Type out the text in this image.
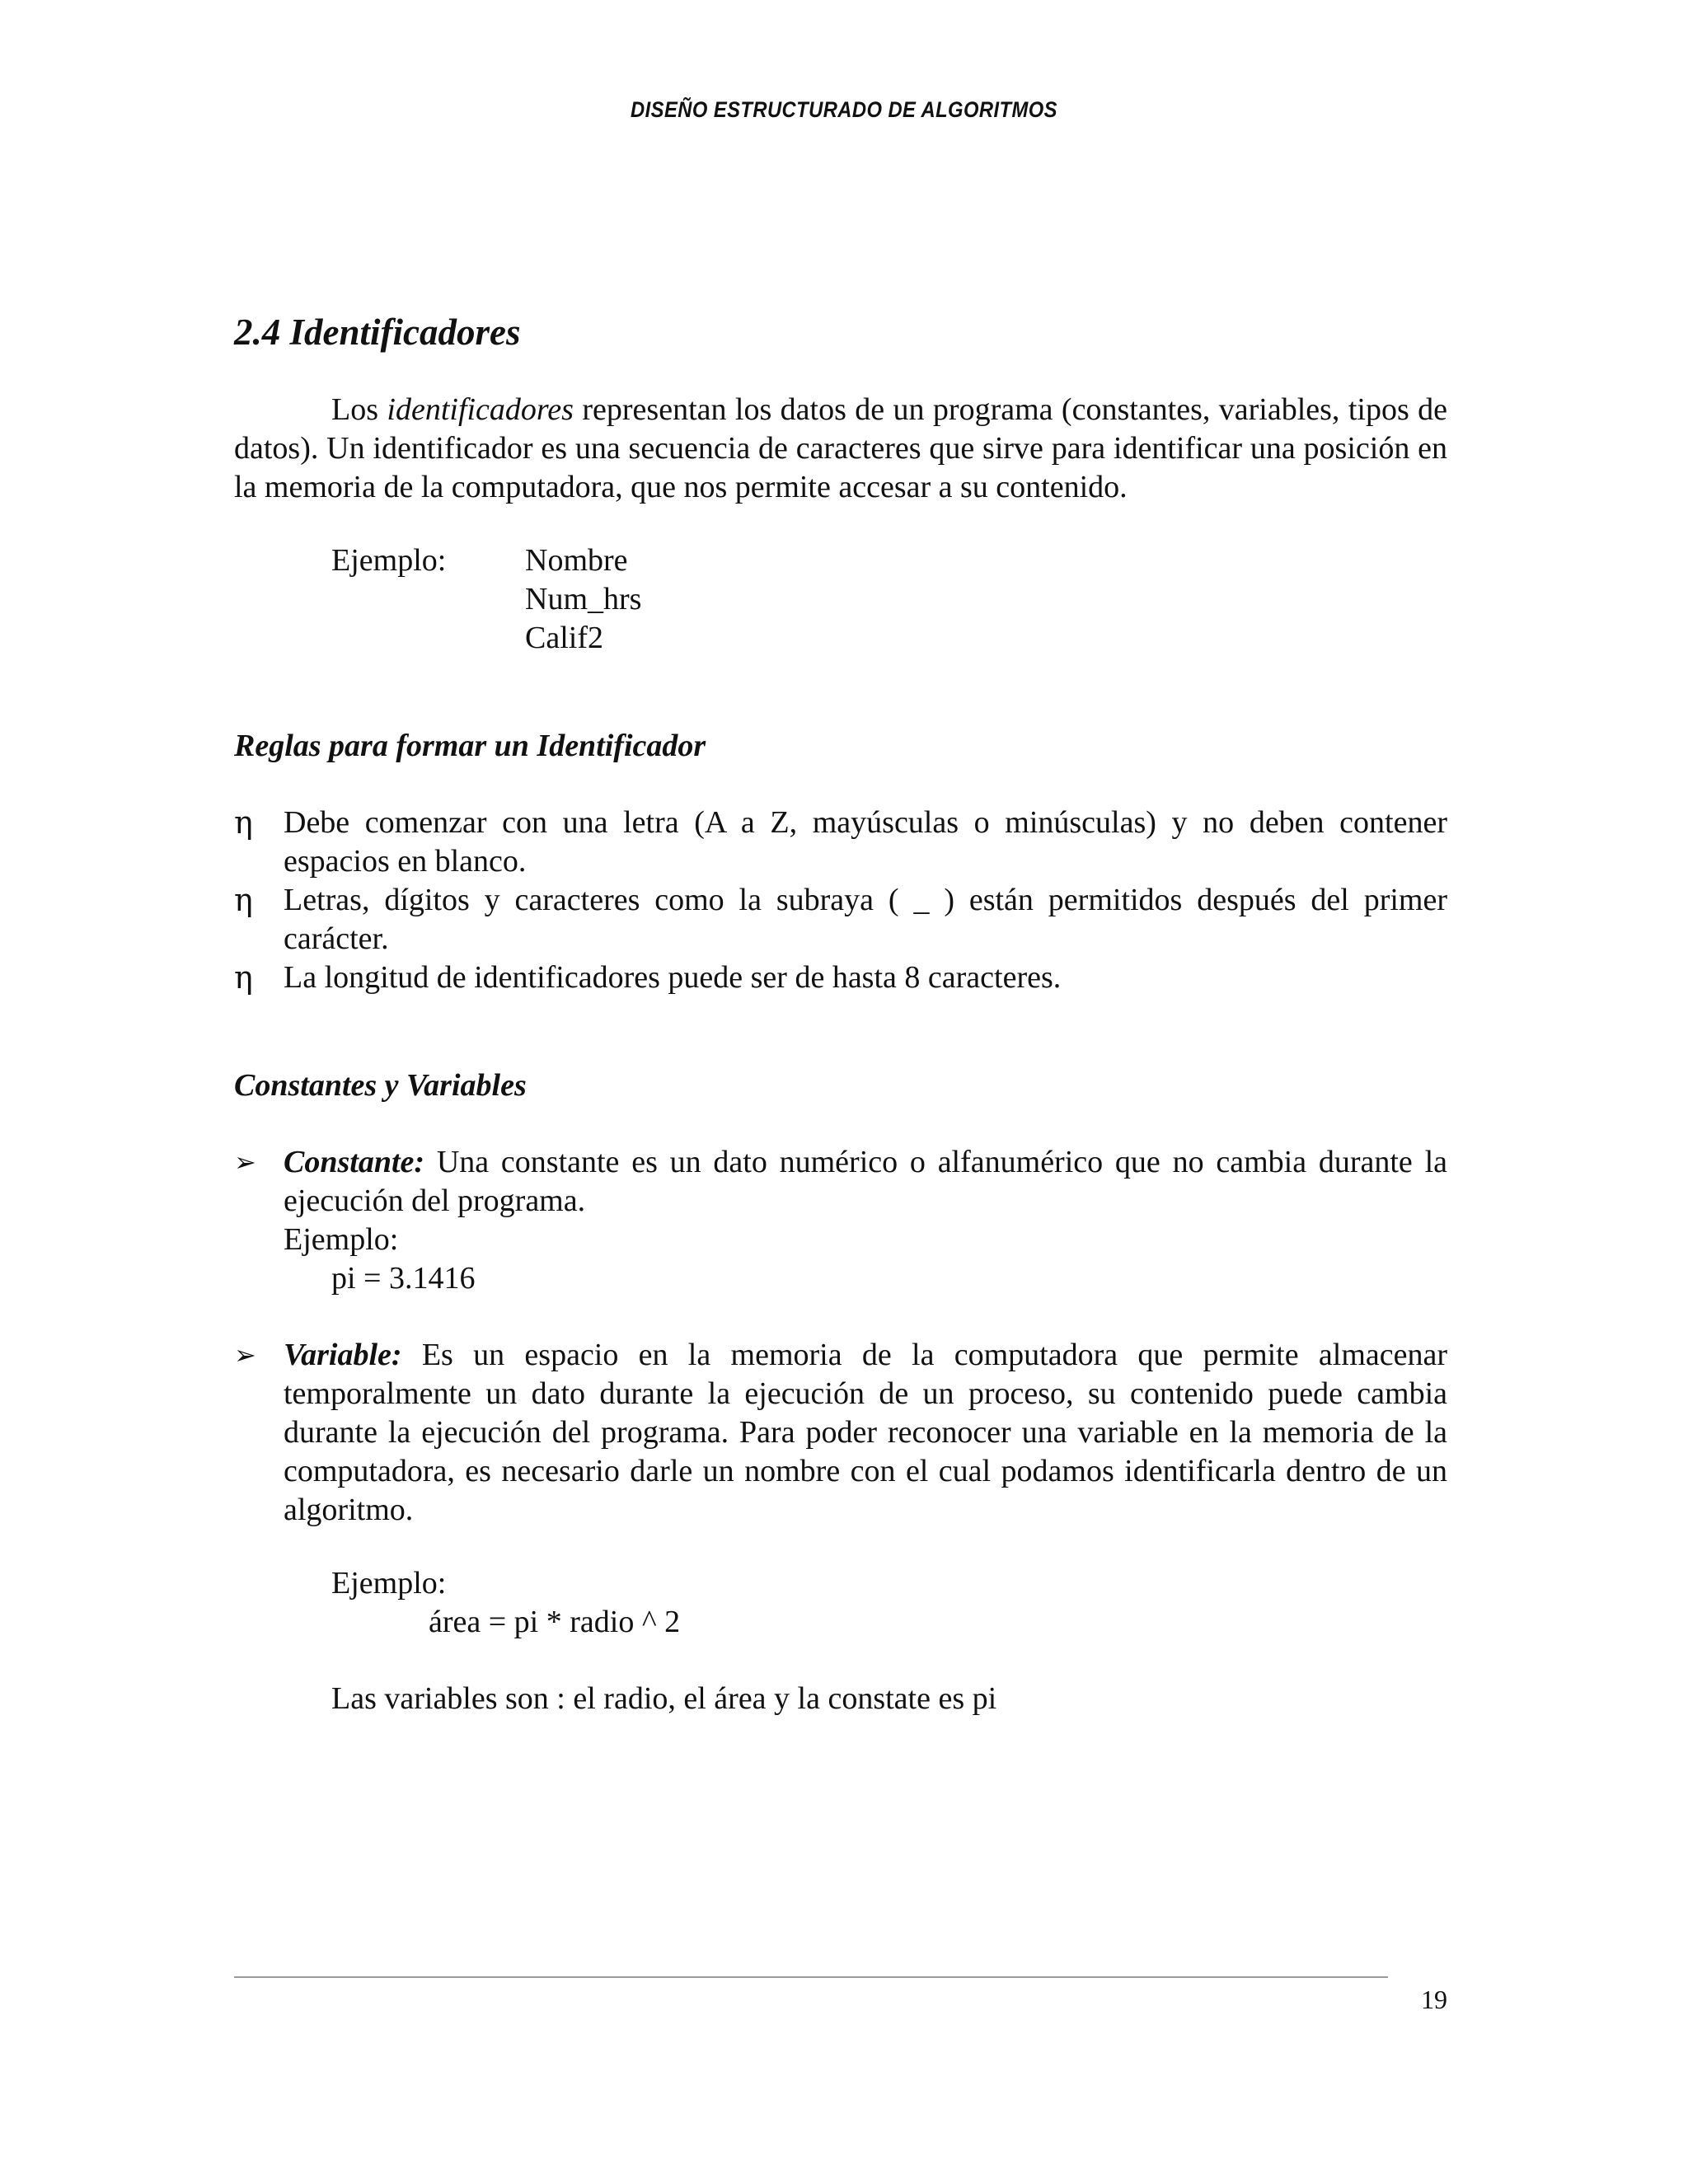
DISEÑO ESTRUCTURADO DE ALGORITMOS
2.4 Identificadores

Los identificadores representan los datos de un programa (constantes, variables, tipos de datos). Un identificador es una secuencia de caracteres que sirve para identificar una posición en la memoria de la computadora, que nos permite accesar a su contenido.

Ejemplo:	Nombre
Num_hrs
Calif2
Reglas para formar un Identificador
η Debe comenzar con una letra (A a Z, mayúsculas o minúsculas) y no deben contener espacios en blanco.
η Letras, dígitos y caracteres como la subraya ( _ ) están permitidos después del primer carácter.
η La longitud de identificadores puede ser de hasta 8 caracteres.
Constantes y Variables
➢ Constante: Una constante es un dato numérico o alfanumérico que no cambia durante la ejecución del programa.
Ejemplo:
pi = 3.1416
➢ Variable: Es un espacio en la memoria de la computadora que permite almacenar temporalmente un dato durante la ejecución de un proceso, su contenido puede cambia durante la ejecución del programa. Para poder reconocer una variable en la memoria de la computadora, es necesario darle un nombre con el cual podamos identificarla dentro de un algoritmo.
Ejemplo:
área = pi * radio ^ 2
Las variables son : el radio, el área y la constate es pi
19
